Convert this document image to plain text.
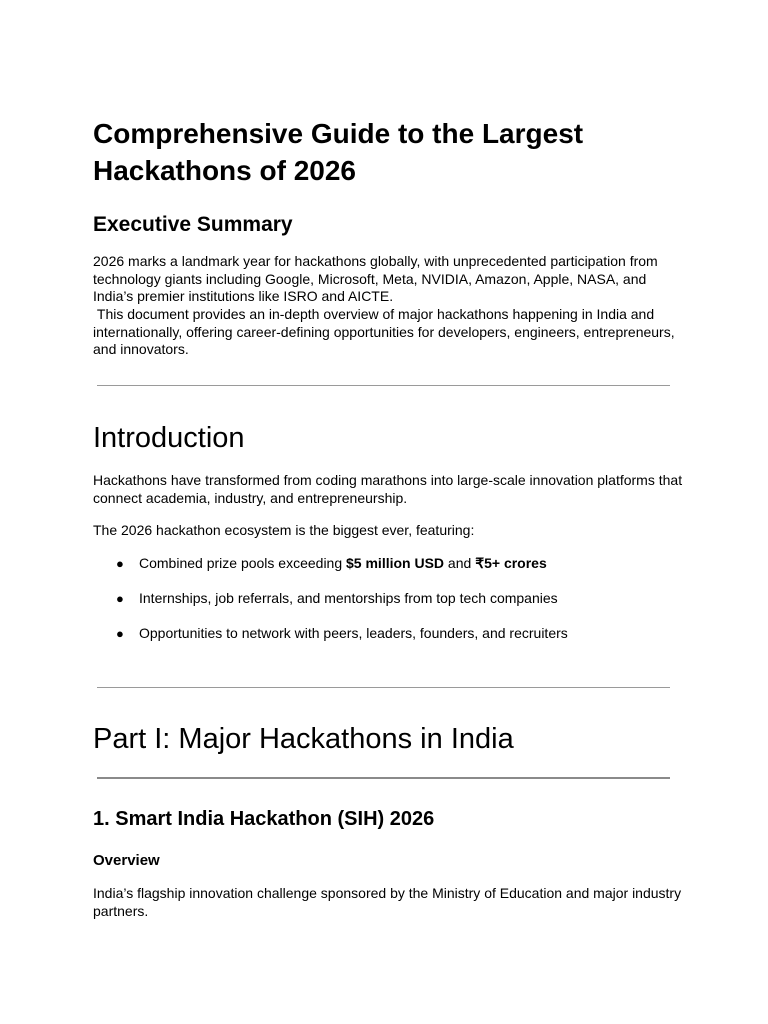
Comprehensive Guide to the Largest Hackathons of 2026
Executive Summary

2026 marks a landmark year for hackathons globally, with unprecedented participation from technology giants including Google, Microsoft, Meta, NVIDIA, Amazon, Apple, NASA, and India’s premier institutions like ISRO and AICTE.

This document provides an in-depth overview of major hackathons happening in India and internationally, offering career-defining opportunities for developers, engineers, entrepreneurs, and innovators.

Introduction

Hackathons have transformed from coding marathons into large-scale innovation platforms that connect academia, industry, and entrepreneurship.

The 2026 hackathon ecosystem is the biggest ever, featuring:

● Combined prize pools exceeding $5 million USD and ₹5+ crores

● Internships, job referrals, and mentorships from top tech companies

● Opportunities to network with peers, leaders, founders, and recruiters

Part I: Major Hackathons in India
1. Smart India Hackathon (SIH) 2026
Overview

India’s flagship innovation challenge sponsored by the Ministry of Education and major industry partners.
